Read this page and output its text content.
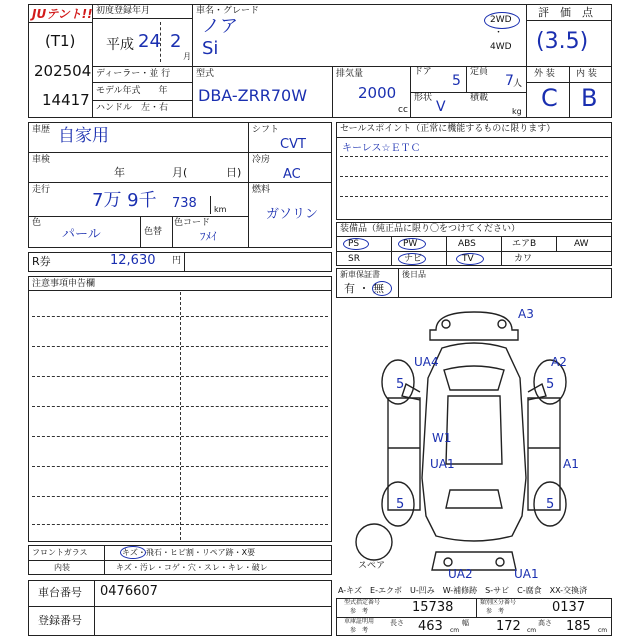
JUテント!!
(T1)
202504
14417
初度登録年月
平成 24 2
月
車名・グレード
ノア
Si
2WD
・
4WD
評　価　点
(3.5)
外 装 内 装
C B
ディーラー・並 行
モデル年式　　年
ハンドル　左・右
型式
DBA-ZRR70W
排気量
2000
cc
ドア
5
定員
7 人
形状
V
積載
kg
車歴 自家用
車検
年	月(	日)
走行 7万 9千 738 km
色
パール	色替
色コード
ﾌﾒｲ
シフト
CVT
冷房
AC
燃料
ガソリン
セールスポイント（正常に機能するものに限ります）
キーレス☆ＥＴＣ
装備品（純正品に限り〇をつけてください）
PS	PW	ABS	エアB	AW
SR	ナビ	TV	カワ
R券	12,630 円
新車保証書
有 ・ 無
後日品
注意事項申告欄
A3
UA4	A2
5	5
W1
UA1	A1
5	5
UA2	UA1
スペア
A-キズ　E-エクボ　U-凹み　W-補修跡　S-サビ　C-腐食　XX-交換済
フロントガラス	キズ・飛石・ヒビ割・リペア跡・X要
内装	キズ・汚レ・コゲ・穴・スレ・キレ・破レ
車台番号 0476607
登録番号
型式指定番号
参　考	15738	類別区分番号
参　考	0137
車庫証明用
参　考
長さ 463 cm
幅 172 cm
高さ 185 cm
